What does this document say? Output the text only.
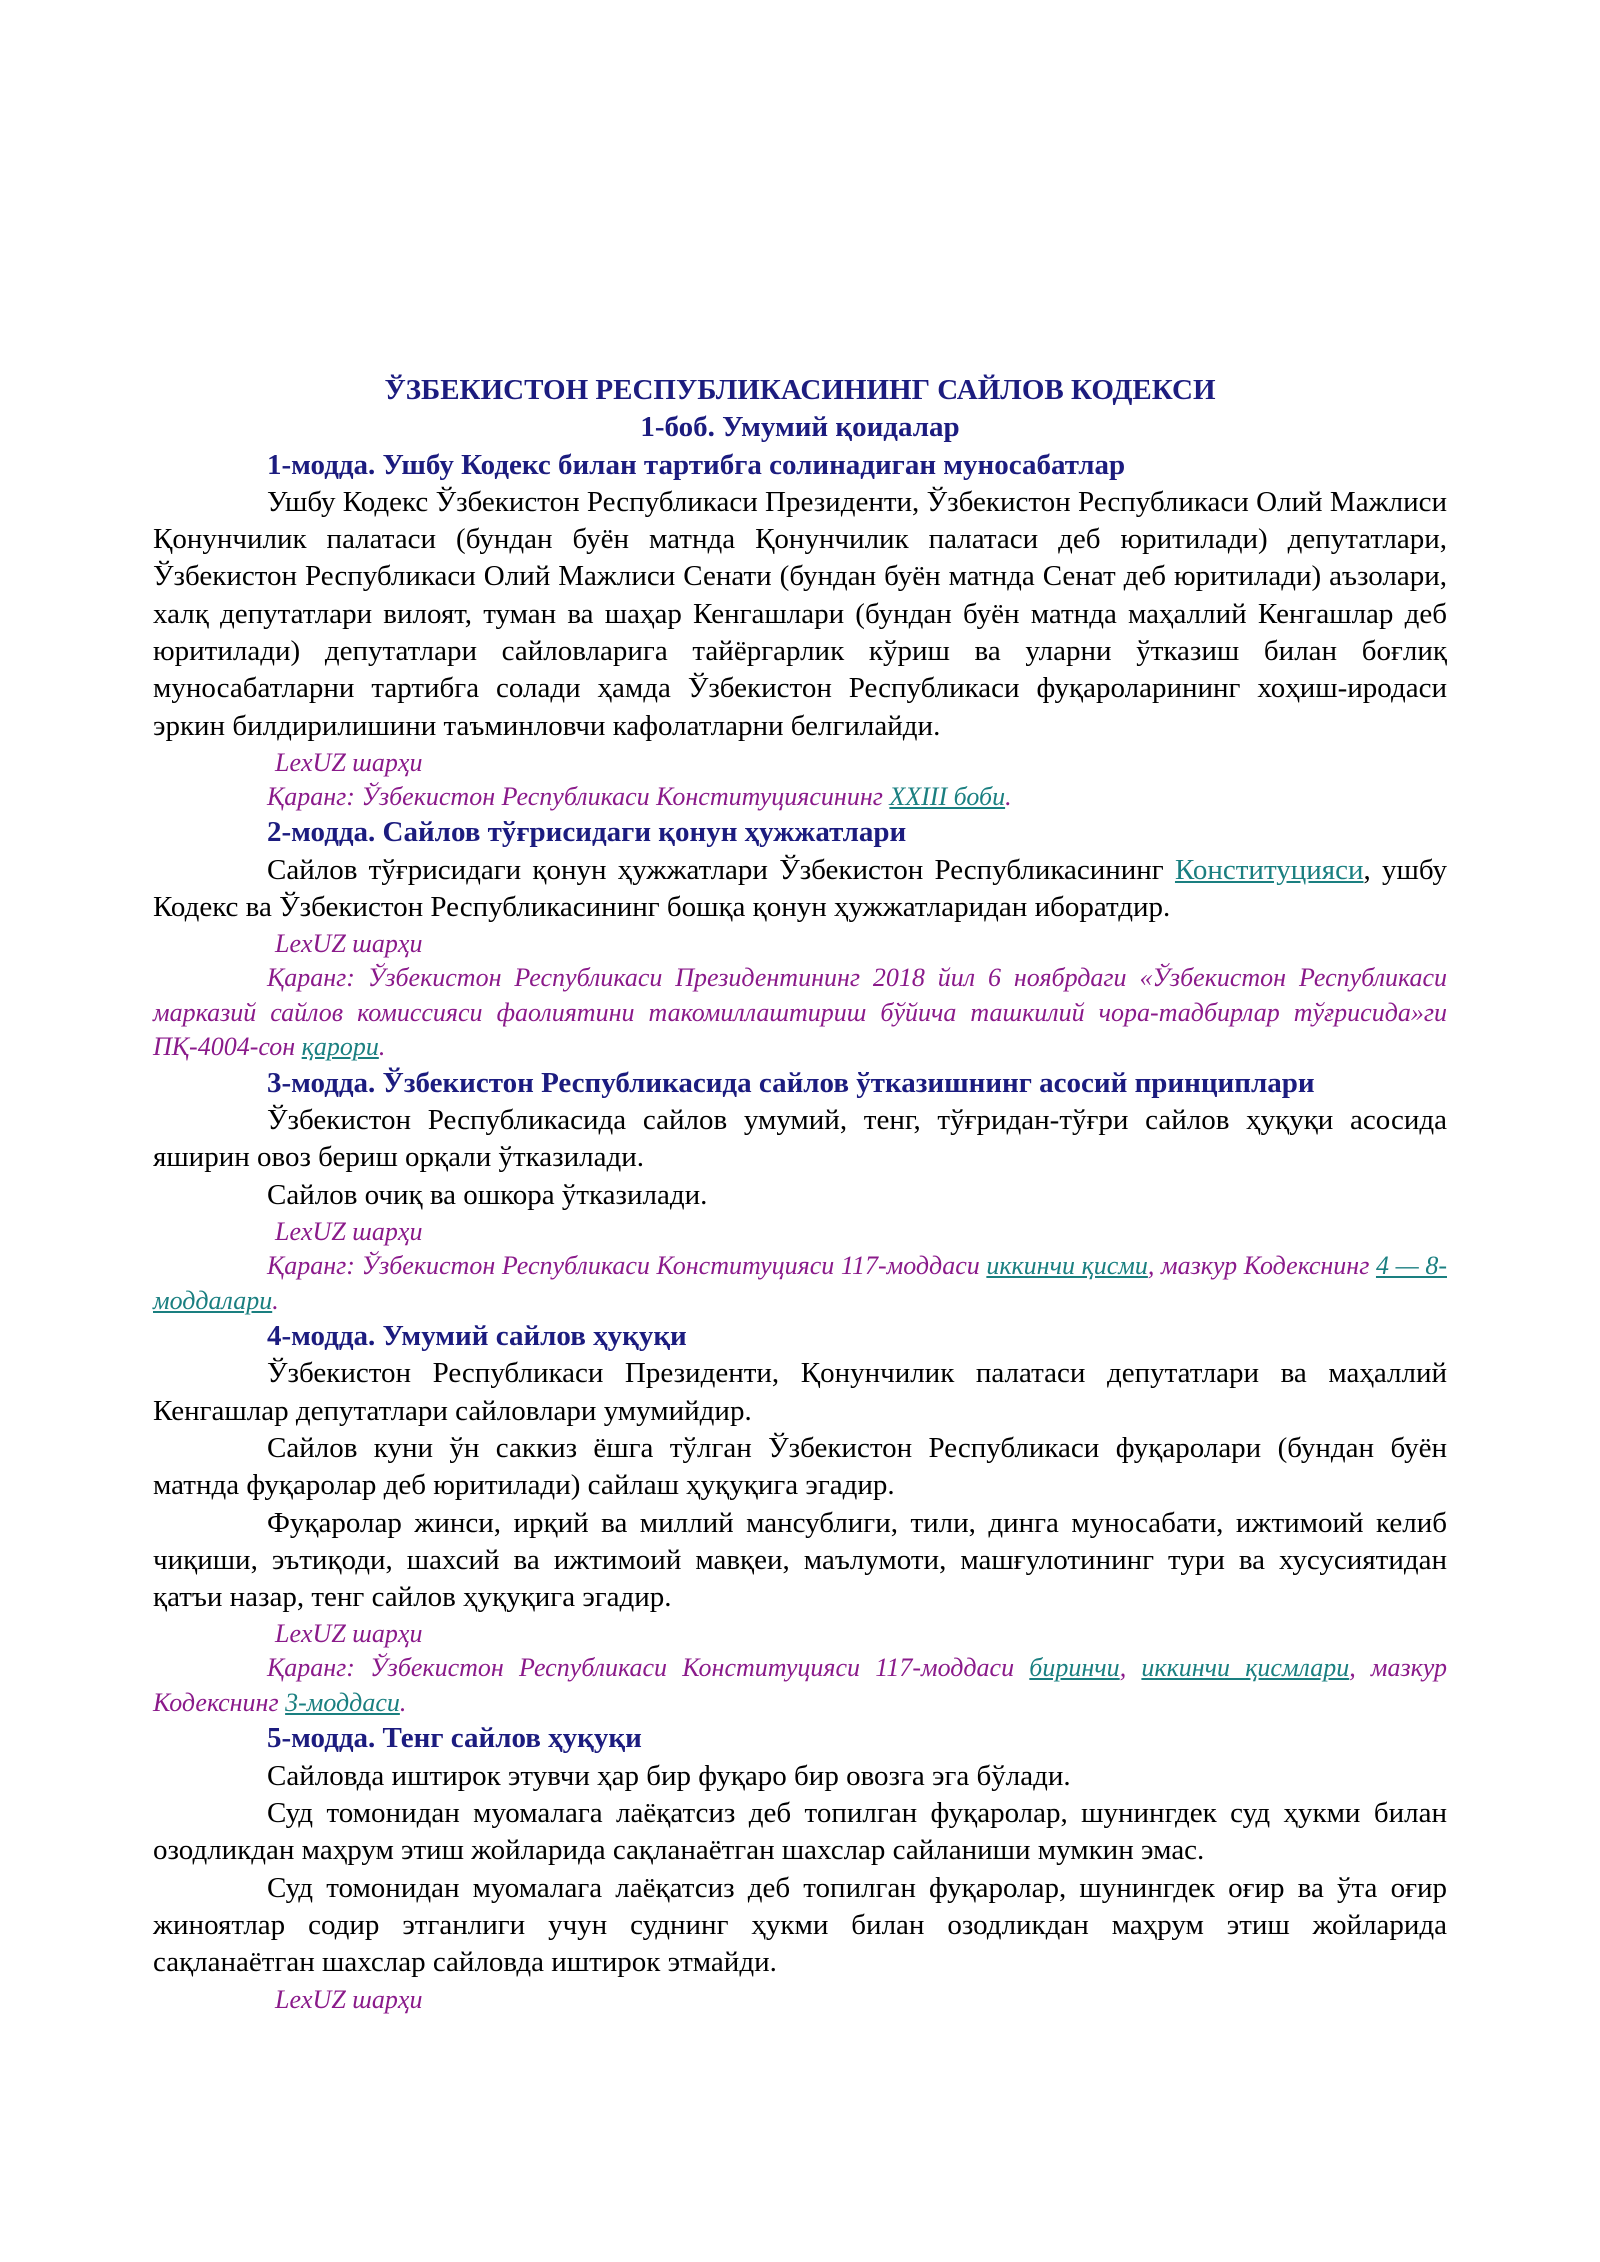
ЎЗБЕКИСТОН РЕСПУБЛИКАСИНИНГ САЙЛОВ КОДЕКСИ

1-боб. Умумий қоидалар

1-модда. Ушбу Кодекс билан тартибга солинадиган муносабатлар

Ушбу Кодекс Ўзбекистон Республикаси Президенти, Ўзбекистон Республикаси Олий Мажлиси Қонунчилик палатаси (бундан буён матнда Қонунчилик палатаси деб юритилади) депутатлари, Ўзбекистон Республикаси Олий Мажлиси Сенати (бундан буён матнда Сенат деб юритилади) аъзолари, халқ депутатлари вилоят, туман ва шаҳар Кенгашлари (бундан буён матнда маҳаллий Кенгашлар деб юритилади) депутатлари сайловларига тайёргарлик кўриш ва уларни ўтказиш билан боғлиқ муносабатларни тартибга солади ҳамда Ўзбекистон Республикаси фуқароларининг хоҳиш-иродаси эркин билдирилишини таъминловчи кафолатларни белгилайди.

LexUZ шарҳи

Қаранг: Ўзбекистон Республикаси Конституциясининг XXIII боби.

2-модда. Сайлов тўғрисидаги қонун ҳужжатлари

Сайлов тўғрисидаги қонун ҳужжатлари Ўзбекистон Республикасининг Конституцияси, ушбу Кодекс ва Ўзбекистон Республикасининг бошқа қонун ҳужжатларидан иборатдир.

LexUZ шарҳи

Қаранг: Ўзбекистон Республикаси Президентининг 2018 йил 6 ноябрдаги «Ўзбекистон Республикаси марказий сайлов комиссияси фаолиятини такомиллаштириш бўйича ташкилий чора-тадбирлар тўғрисида»ги ПҚ-4004-сон қарори.

3-модда. Ўзбекистон Республикасида сайлов ўтказишнинг асосий принциплари

Ўзбекистон Республикасида сайлов умумий, тенг, тўғридан-тўғри сайлов ҳуқуқи асосида яширин овоз бериш орқали ўтказилади.

Сайлов очиқ ва ошкора ўтказилади.

LexUZ шарҳи

Қаранг: Ўзбекистон Республикаси Конституцияси 117-моддаси иккинчи қисми, мазкур Кодекснинг 4 — 8-моддалари.

4-модда. Умумий сайлов ҳуқуқи

Ўзбекистон Республикаси Президенти, Қонунчилик палатаси депутатлари ва маҳаллий Кенгашлар депутатлари сайловлари умумийдир.

Сайлов куни ўн саккиз ёшга тўлган Ўзбекистон Республикаси фуқаролари (бундан буён матнда фуқаролар деб юритилади) сайлаш ҳуқуқига эгадир.

Фуқаролар жинси, ирқий ва миллий мансублиги, тили, динга муносабати, ижтимоий келиб чиқиши, эътиқоди, шахсий ва ижтимоий мавқеи, маълумоти, машғулотининг тури ва хусусиятидан қатъи назар, тенг сайлов ҳуқуқига эгадир.

LexUZ шарҳи

Қаранг: Ўзбекистон Республикаси Конституцияси 117-моддаси биринчи, иккинчи қисмлари, мазкур Кодекснинг 3-моддаси.

5-модда. Тенг сайлов ҳуқуқи

Сайловда иштирок этувчи ҳар бир фуқаро бир овозга эга бўлади.

Суд томонидан муомалага лаёқатсиз деб топилган фуқаролар, шунингдек суд ҳукми билан озодликдан маҳрум этиш жойларида сақланаётган шахслар сайланиши мумкин эмас.

Суд томонидан муомалага лаёқатсиз деб топилган фуқаролар, шунингдек оғир ва ўта оғир жиноятлар содир этганлиги учун суднинг ҳукми билан озодликдан маҳрум этиш жойларида сақланаётган шахслар сайловда иштирок этмайди.

LexUZ шарҳи
